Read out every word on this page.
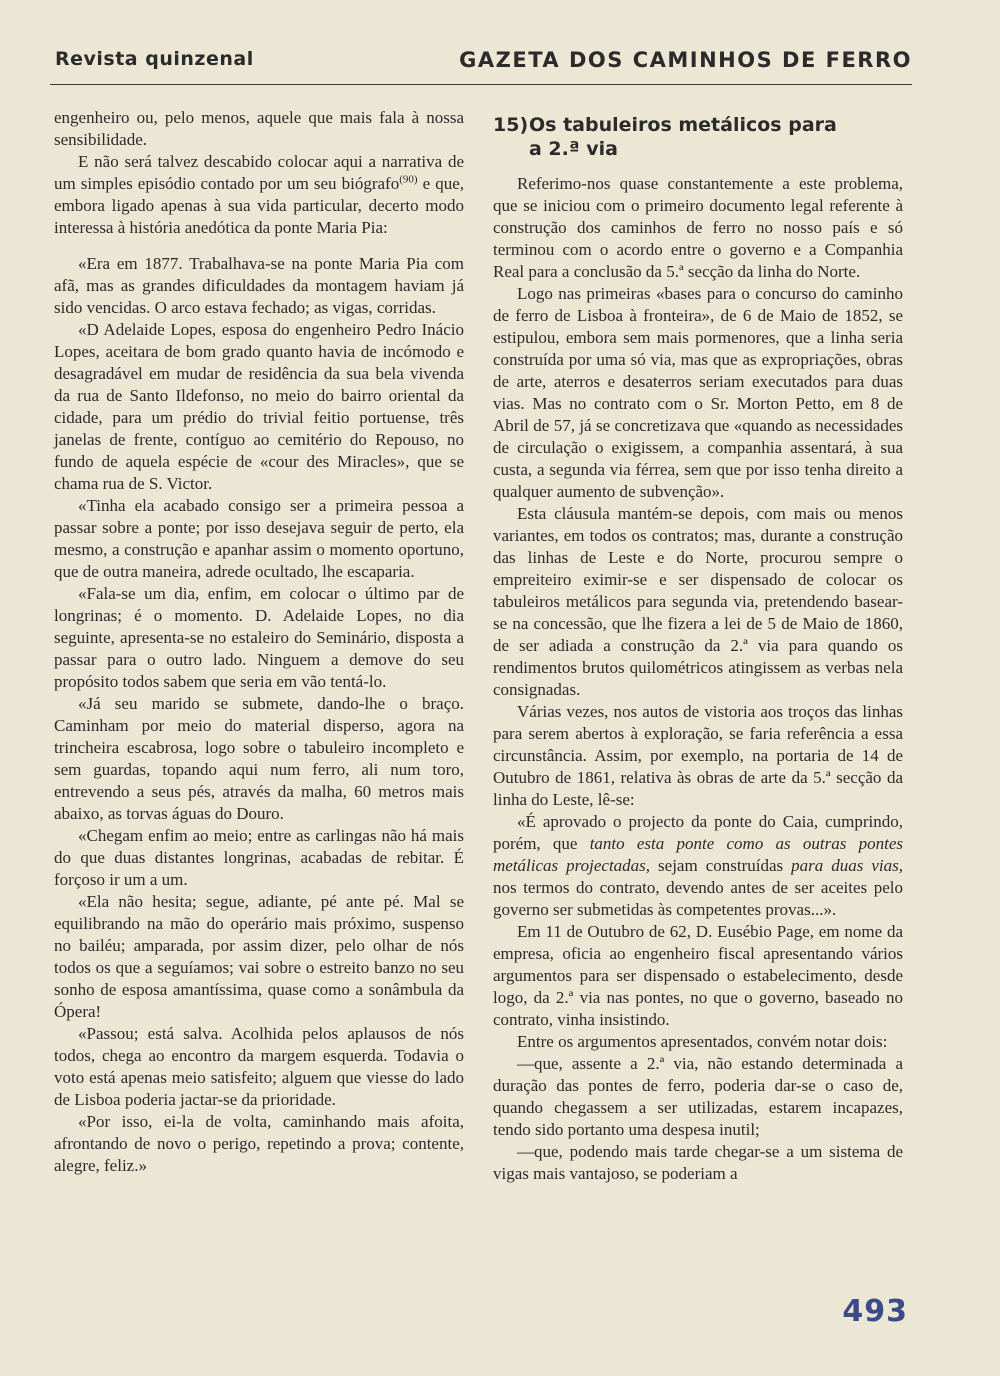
Revista quinzenal	GAZETA DOS CAMINHOS DE FERRO

engenheiro ou, pelo menos, aquele que mais fala à nossa sensibilidade.

E não será talvez descabido colocar aqui a narrativa de um simples episódio contado por um seu biógrafo$^{(90)}$ e que, embora ligado apenas à sua vida particular, decerto modo interessa à história anedótica da ponte Maria Pia:

«Era em 1877. Trabalhava-se na ponte Maria Pia com afã, mas as grandes dificuldades da montagem haviam já sido vencidas. O arco estava fechado; as vigas, corridas.

«D Adelaide Lopes, esposa do engenheiro Pedro Inácio Lopes, aceitara de bom grado quanto havia de incómodo e desagradável em mudar de residência da sua bela vivenda da rua de Santo Ildefonso, no meio do bairro oriental da cidade, para um prédio do trivial feitio portuense, três janelas de frente, contíguo ao cemitério do Repouso, no fundo de aquela espécie de «cour des Miracles», que se chama rua de S. Victor.

«Tinha ela acabado consigo ser a primeira pessoa a passar sobre a ponte; por isso desejava seguir de perto, ela mesmo, a construção e apanhar assim o momento oportuno, que de outra maneira, adrede ocultado, lhe escaparia.

«Fala-se um dia, enfim, em colocar o último par de longrinas; é o momento. D. Adelaide Lopes, no dia seguinte, apresenta-se no estaleiro do Seminário, disposta a passar para o outro lado. Ninguem a demove do seu propósito todos sabem que seria em vão tentá-lo.

«Já seu marido se submete, dando-lhe o braço. Caminham por meio do material disperso, agora na trincheira escabrosa, logo sobre o tabuleiro incompleto e sem guardas, topando aqui num ferro, ali num toro, entrevendo a seus pés, através da malha, 60 metros mais abaixo, as torvas águas do Douro.

«Chegam enfim ao meio; entre as carlingas não há mais do que duas distantes longrinas, acabadas de rebitar. É forçoso ir um a um.

«Ela não hesita; segue, adiante, pé ante pé. Mal se equilibrando na mão do operário mais próximo, suspenso no bailéu; amparada, por assim dizer, pelo olhar de nós todos os que a seguíamos; vai sobre o estreito banzo no seu sonho de esposa amantíssima, quase como a sonâmbula da Ópera!

«Passou; está salva. Acolhida pelos aplausos de nós todos, chega ao encontro da margem esquerda. Todavia o voto está apenas meio satisfeito; alguem que viesse do lado de Lisboa poderia jactar-se da prioridade.

«Por isso, ei-la de volta, caminhando mais afoita, afrontando de novo o perigo, repetindo a prova; contente, alegre, feliz.»

15)Os tabuleiros metálicos para
a 2.ª via

Referimo-nos quase constantemente a este problema, que se iniciou com o primeiro documento legal referente à construção dos caminhos de ferro no nosso país e só terminou com o acordo entre o governo e a Companhia Real para a conclusão da 5.ª secção da linha do Norte.

Logo nas primeiras «bases para o concurso do caminho de ferro de Lisboa à fronteira», de 6 de Maio de 1852, se estipulou, embora sem mais pormenores, que a linha seria construída por uma só via, mas que as expropriações, obras de arte, aterros e desaterros seriam executados para duas vias. Mas no contrato com o Sr. Morton Petto, em 8 de Abril de 57, já se concretizava que «quando as necessidades de circulação o exigissem, a companhia assentará, à sua custa, a segunda via férrea, sem que por isso tenha direito a qualquer aumento de subvenção».

Esta cláusula mantém-se depois, com mais ou menos variantes, em todos os contratos; mas, durante a construção das linhas de Leste e do Norte, procurou sempre o empreiteiro eximir-se e ser dispensado de colocar os tabuleiros metálicos para segunda via, pretendendo basear-se na concessão, que lhe fizera a lei de 5 de Maio de 1860, de ser adiada a construção da 2.ª via para quando os rendimentos brutos quilométricos atingissem as verbas nela consignadas.

Várias vezes, nos autos de vistoria aos troços das linhas para serem abertos à exploração, se faria referência a essa circunstância. Assim, por exemplo, na portaria de 14 de Outubro de 1861, relativa às obras de arte da 5.ª secção da linha do Leste, lê-se:

«É aprovado o projecto da ponte do Caia, cumprindo, porém, que tanto esta ponte como as outras pontes metálicas projectadas, sejam construídas para duas vias, nos termos do contrato, devendo antes de ser aceites pelo governo ser submetidas às competentes provas...».

Em 11 de Outubro de 62, D. Eusébio Page, em nome da empresa, oficia ao engenheiro fiscal apresentando vários argumentos para ser dispensado o estabelecimento, desde logo, da 2.ª via nas pontes, no que o governo, baseado no contrato, vinha insistindo.

Entre os argumentos apresentados, convém notar dois:

—que, assente a 2.ª via, não estando determinada a duração das pontes de ferro, poderia dar-se o caso de, quando chegassem a ser utilizadas, estarem incapazes, tendo sido portanto uma despesa inutil;

—que, podendo mais tarde chegar-se a um sistema de vigas mais vantajoso, se poderiam a

493
